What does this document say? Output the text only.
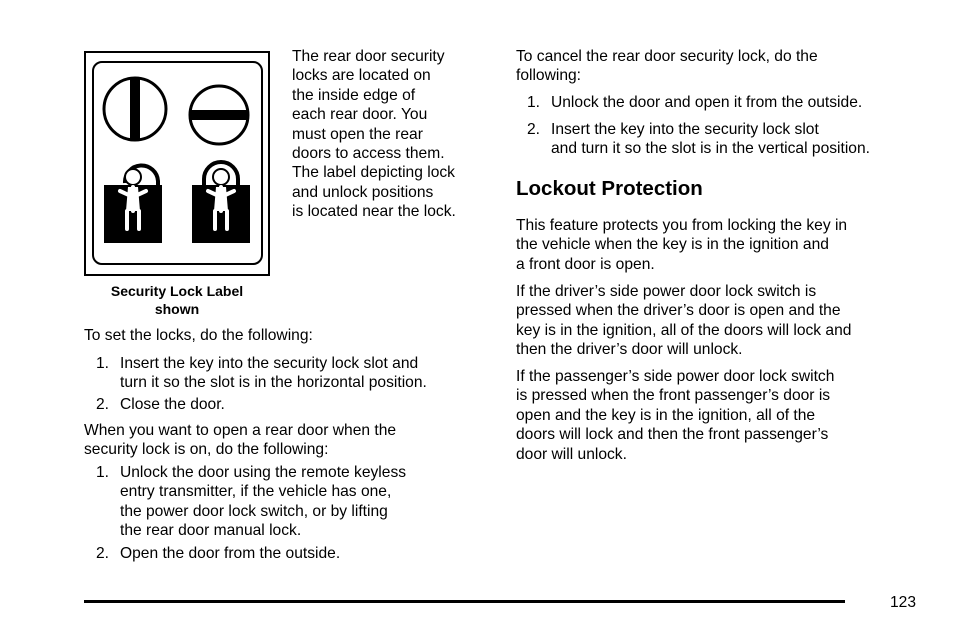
Security Lock Label
shown
The rear door security
locks are located on
the inside edge of
each rear door. You
must open the rear
doors to access them.
The label depicting lock
and unlock positions
is located near the lock.
To set the locks, do the following:
1. Insert the key into the security lock slot and
turn it so the slot is in the horizontal position.
2. Close the door.
When you want to open a rear door when the
security lock is on, do the following:
1. Unlock the door using the remote keyless
entry transmitter, if the vehicle has one,
the power door lock switch, or by lifting
the rear door manual lock.
2. Open the door from the outside.
To cancel the rear door security lock, do the
following:
1. Unlock the door and open it from the outside.
2. Insert the key into the security lock slot
and turn it so the slot is in the vertical position.
Lockout Protection
This feature protects you from locking the key in
the vehicle when the key is in the ignition and
a front door is open.
If the driver’s side power door lock switch is
pressed when the driver’s door is open and the
key is in the ignition, all of the doors will lock and
then the driver’s door will unlock.
If the passenger’s side power door lock switch
is pressed when the front passenger’s door is
open and the key is in the ignition, all of the
doors will lock and then the front passenger’s
door will unlock.
123
